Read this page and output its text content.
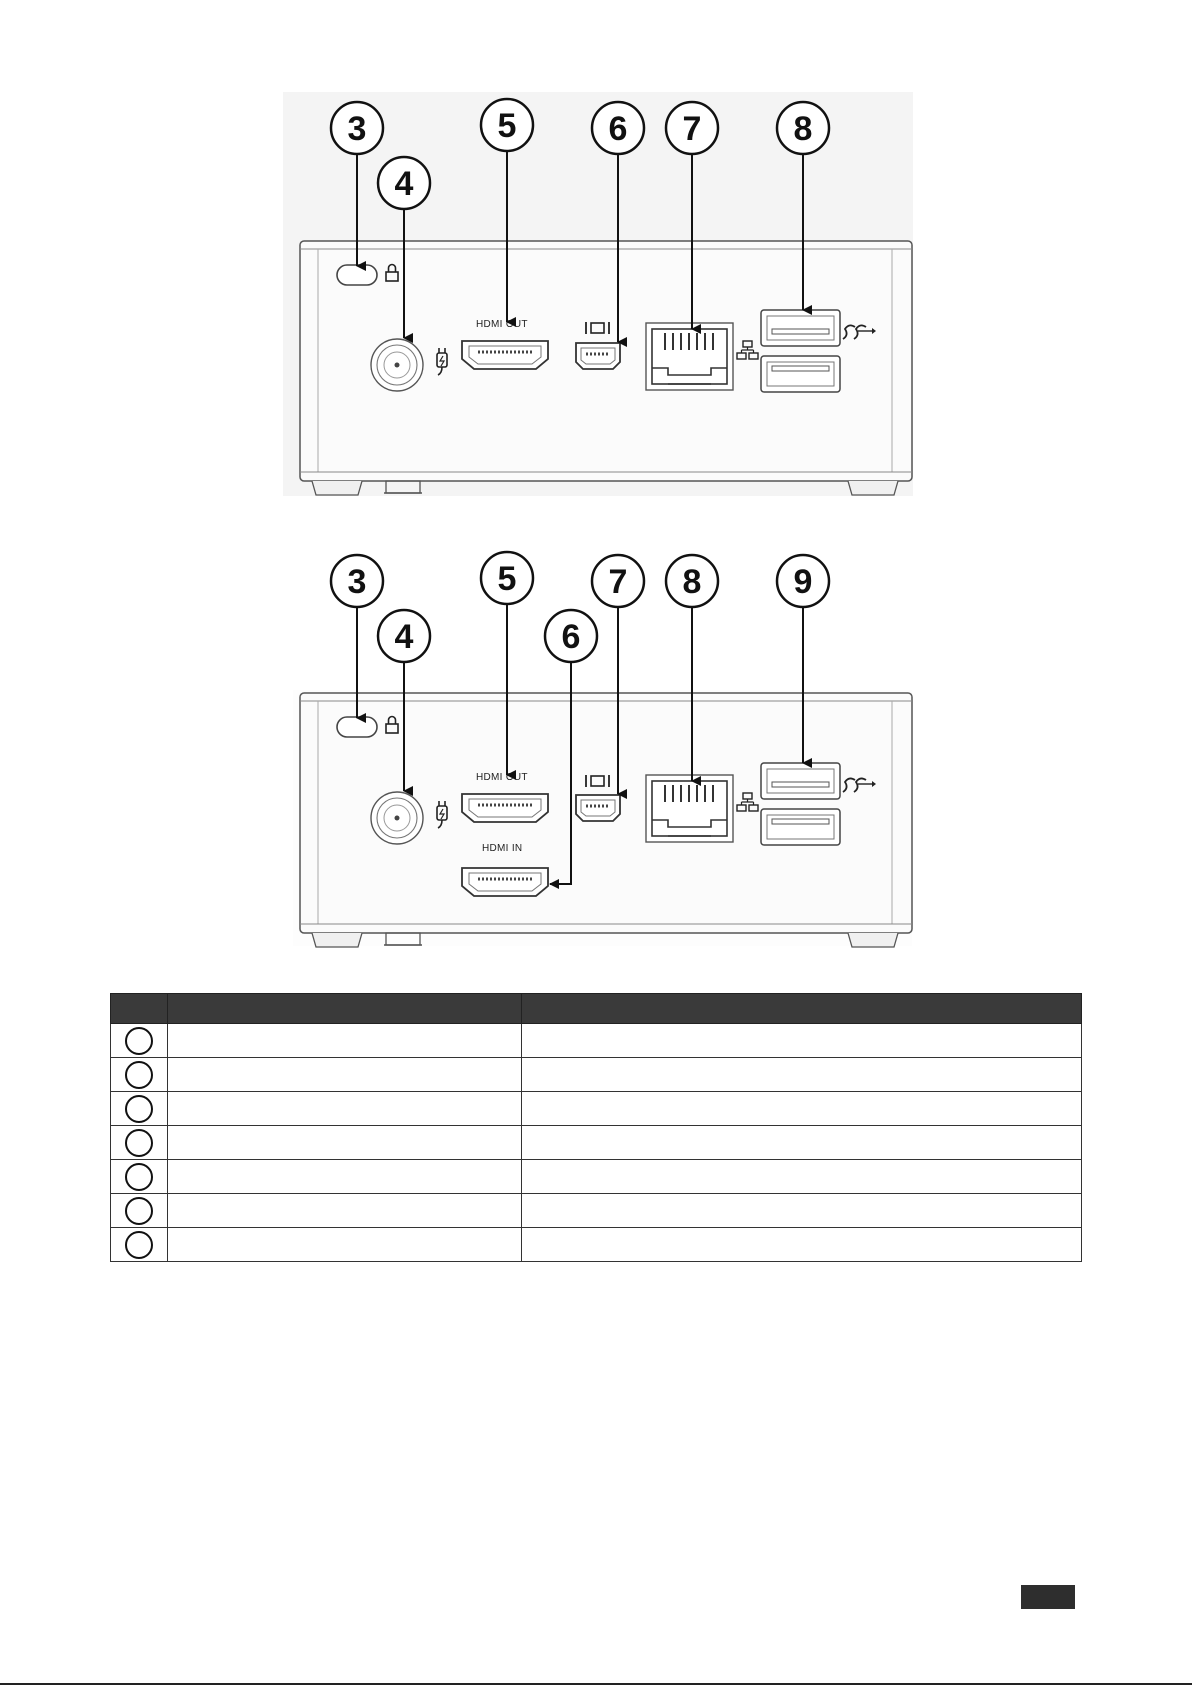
HDMI OUT
3
4
5	6 7	8
HDMI OUT
HDMI IN
3
4
5
6
7 8	9
